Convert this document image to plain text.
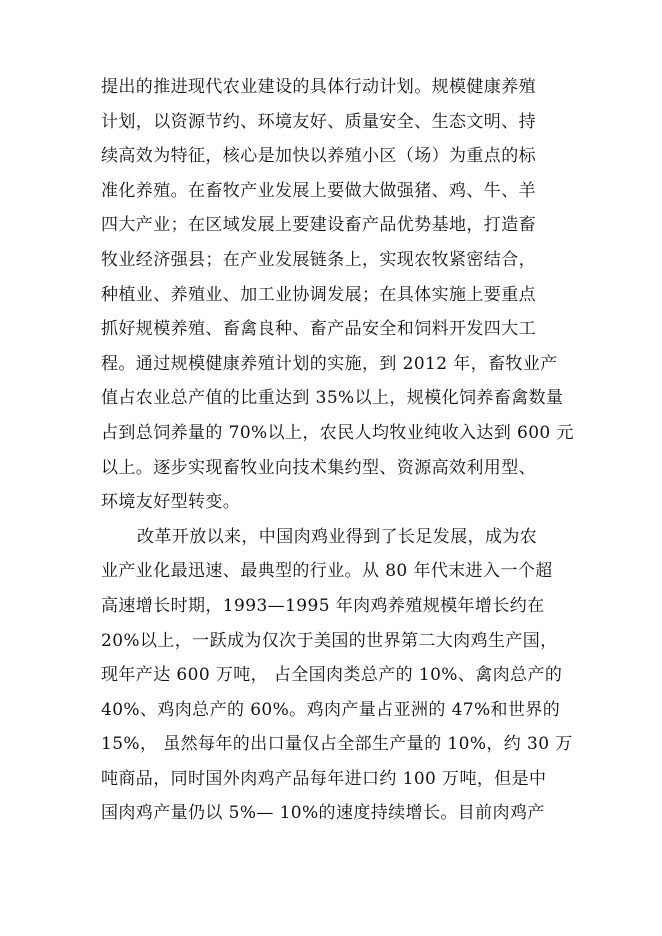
提出的推进现代农业建设的具体行动计划。规模健康养殖
计划，以资源节约、环境友好、质量安全、生态文明、持
续高效为特征，核心是加快以养殖小区（场）为重点的标
准化养殖。在畜牧产业发展上要做大做强猪、鸡、牛、羊
四大产业；在区域发展上要建设畜产品优势基地，打造畜
牧业经济强县；在产业发展链条上，实现农牧紧密结合，
种植业、养殖业、加工业协调发展；在具体实施上要重点
抓好规模养殖、畜禽良种、畜产品安全和饲料开发四大工
程。通过规模健康养殖计划的实施，到 2012 年，畜牧业产
值占农业总产值的比重达到 35%以上，规模化饲养畜禽数量
占到总饲养量的 70%以上，农民人均牧业纯收入达到 600 元
以上。逐步实现畜牧业向技术集约型、资源高效利用型、
环境友好型转变。
改革开放以来，中国肉鸡业得到了长足发展，成为农
业产业化最迅速、最典型的行业。从 80 年代末进入一个超
高速增长时期，1993—1995 年肉鸡养殖规模年增长约在
20%以上，一跃成为仅次于美国的世界第二大肉鸡生产国，
现年产达 600 万吨， 占全国肉类总产的 10%、禽肉总产的
40%、鸡肉总产的 60%。鸡肉产量占亚洲的 47%和世界的
15%， 虽然每年的出口量仅占全部生产量的 10%，约 30 万
吨商品，同时国外肉鸡产品每年进口约 100 万吨，但是中
国肉鸡产量仍以 5%— 10%的速度持续增长。目前肉鸡产
